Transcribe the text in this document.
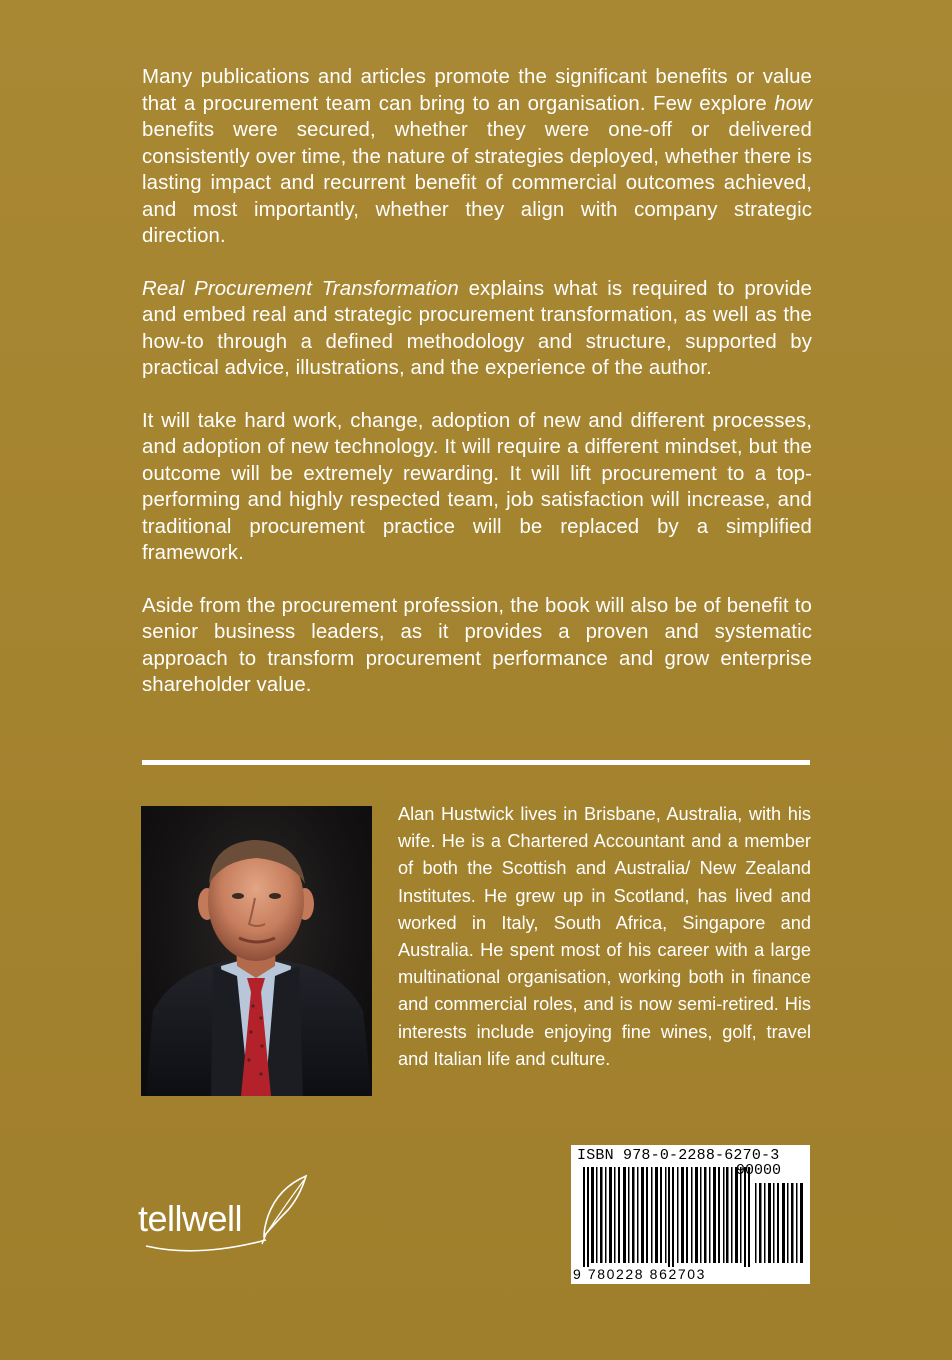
Many publications and articles promote the significant benefits or value that a procurement team can bring to an organisation. Few explore how benefits were secured, whether they were one-off or delivered consistently over time, the nature of strategies deployed, whether there is lasting impact and recurrent benefit of commercial outcomes achieved, and most importantly, whether they align with company strategic direction.

Real Procurement Transformation explains what is required to provide and embed real and strategic procurement transformation, as well as the how-to through a defined methodology and structure, supported by practical advice, illustrations, and the experience of the author.

It will take hard work, change, adoption of new and different processes, and adoption of new technology. It will require a different mindset, but the outcome will be extremely rewarding. It will lift procurement to a top-performing and highly respected team, job satisfaction will increase, and traditional procurement practice will be replaced by a simplified framework.

Aside from the procurement profession, the book will also be of benefit to senior business leaders, as it provides a proven and systematic approach to transform procurement performance and grow enterprise shareholder value.

Alan Hustwick lives in Brisbane, Australia, with his wife. He is a Chartered Accountant and a member of both the Scottish and Australia/ New Zealand Institutes. He grew up in Scotland, has lived and worked in Italy, South Africa, Singapore and Australia. He spent most of his career with a large multinational organisation, working both in finance and commercial roles, and is now semi-retired. His interests include enjoying fine wines, golf, travel and Italian life and culture.

tellwell
ISBN 978-0-2288-6270-3
9 780228 862703
90000
